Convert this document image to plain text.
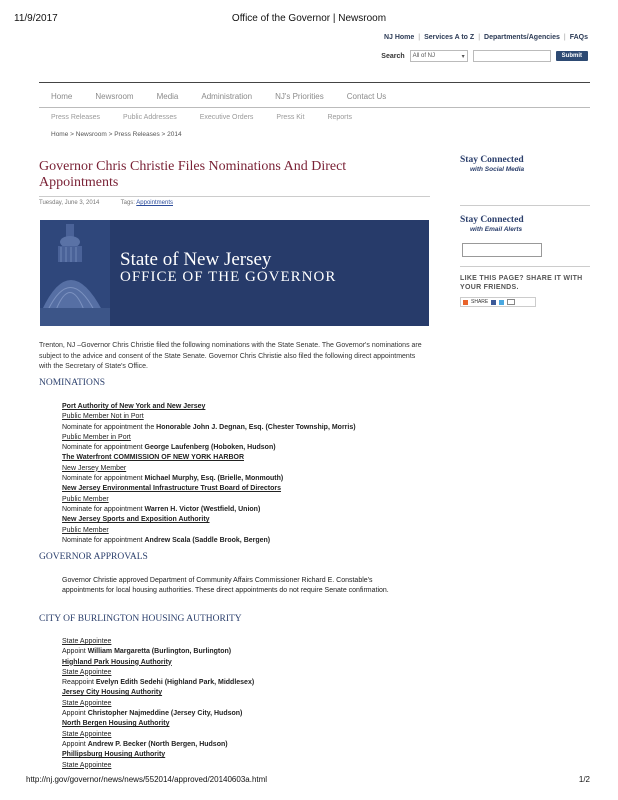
11/9/2017	Office of the Governor | Newsroom
NJ Home | Services A to Z | Departments/Agencies | FAQs
Search All of NJ	▾	Submit
Home	Newsroom	Media	Administration	NJ's Priorities	Contact Us
Press Releases	Public Addresses	Executive Orders	Press Kit	Reports
Home > Newsroom > Press Releases > 2014
Governor Chris Christie Files Nominations And Direct Appointments
Tuesday, June 3, 2014	Tags: Appointments
State of New Jersey
OFFICE OF THE GOVERNOR
Trenton, NJ –Governor Chris Christie filed the following nominations with the State Senate. The Governor's nominations are subject to the advice and consent of the State Senate. Governor Chris Christie also filed the following direct appointments with the Secretary of State's Office.
NOMINATIONS
Port Authority of New York and New Jersey
Public Member Not in Port
Nominate for appointment the Honorable John J. Degnan, Esq. (Chester Township, Morris)
Public Member in Port
Nominate for appointment George Laufenberg (Hoboken, Hudson)
The Waterfront COMMISSION OF NEW YORK HARBOR
New Jersey Member
Nominate for appointment Michael Murphy, Esq. (Brielle, Monmouth)
New Jersey Environmental Infrastructure Trust Board of Directors
Public Member
Nominate for appointment Warren H. Victor (Westfield, Union)
New Jersey Sports and Exposition Authority
Public Member
Nominate for appointment Andrew Scala (Saddle Brook, Bergen)
GOVERNOR APPROVALS
Governor Christie approved Department of Community Affairs Commissioner Richard E. Constable's appointments for local housing authorities. These direct appointments do not require Senate confirmation.
CITY OF BURLINGTON HOUSING AUTHORITY
State Appointee
Appoint William Margaretta (Burlington, Burlington)
Highland Park Housing Authority
State Appointee
Reappoint Evelyn Edith Sedehi (Highland Park, Middlesex)
Jersey City Housing Authority
State Appointee
Appoint Christopher Najmeddine (Jersey City, Hudson)
North Bergen Housing Authority
State Appointee
Appoint Andrew P. Becker (North Bergen, Hudson)
Phillipsburg Housing Authority
State Appointee
Stay Connected
with Social Media
Stay Connected
with Email Alerts
LIKE THIS PAGE? SHARE IT WITH YOUR FRIENDS.
SHARE
http://nj.gov/governor/news/news/552014/approved/20140603a.html	1/2
